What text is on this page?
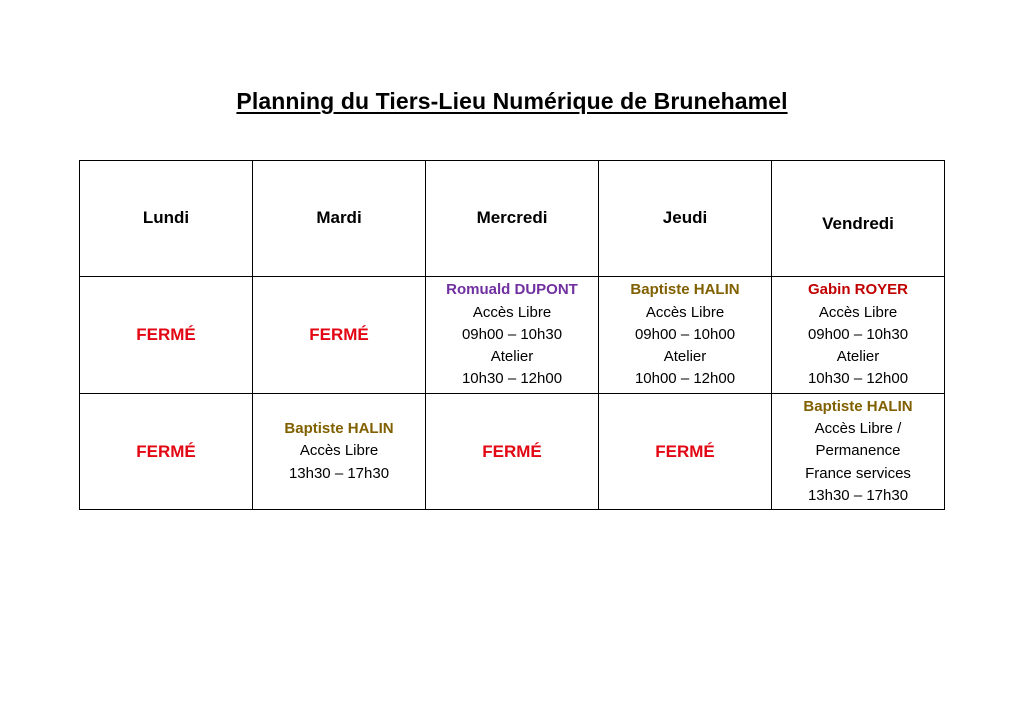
Planning du Tiers-Lieu Numérique de Brunehamel
Lundi	Mardi	Mercredi	Jeudi	Vendredi
FERMÉ	FERMÉ	Romuald DUPONT
Accès Libre
09h00 – 10h30
Atelier
10h30 – 12h00	Baptiste HALIN
Accès Libre
09h00 – 10h00
Atelier
10h00 – 12h00	Gabin ROYER
Accès Libre
09h00 – 10h30
Atelier
10h30 – 12h00

FERMÉ	Baptiste HALIN
Accès Libre
13h30 – 17h30	FERMÉ	FERMÉ	Baptiste HALIN
Accès Libre /
Permanence
France services
13h30 – 17h30
